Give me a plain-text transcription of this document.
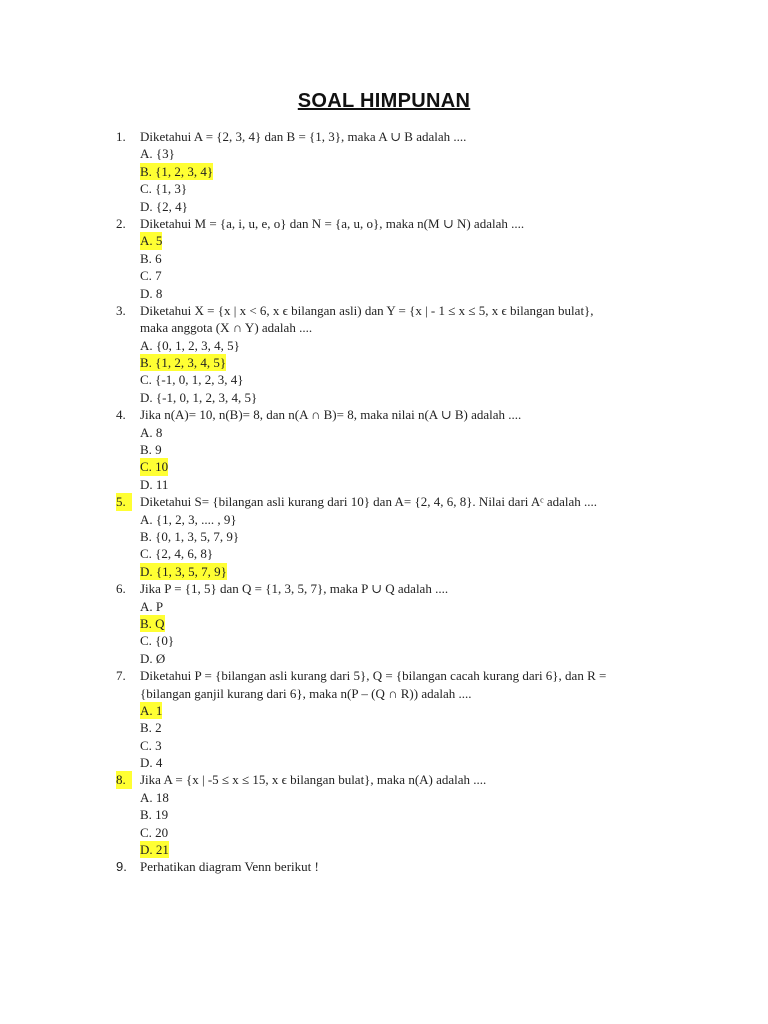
SOAL HIMPUNAN
1. Diketahui A = {2, 3, 4} dan B = {1, 3}, maka A ∪ B adalah ....
A. {3}
B. {1, 2, 3, 4}
C. {1, 3}
D. {2, 4}
2. Diketahui M = {a, i, u, e, o} dan N = {a, u, o}, maka n(M ∪ N) adalah ....
A. 5
B. 6
C. 7
D. 8
3. Diketahui X = {x | x < 6, x ϵ bilangan asli) dan Y = {x | - 1 ≤ x ≤ 5, x ϵ bilangan bulat},
maka anggota (X ∩ Y) adalah ....
A. {0, 1, 2, 3, 4, 5}
B. {1, 2, 3, 4, 5}
C. {-1, 0, 1, 2, 3, 4}
D. {-1, 0, 1, 2, 3, 4, 5}
4. Jika n(A)= 10, n(B)= 8, dan n(A ∩ B)= 8, maka nilai n(A ∪ B) adalah ....
A. 8
B. 9
C. 10
D. 11
5. Diketahui S= {bilangan asli kurang dari 10} dan A= {2, 4, 6, 8}. Nilai dari Aᶜ adalah ....
A. {1, 2, 3, .... , 9}
B. {0, 1, 3, 5, 7, 9}
C. {2, 4, 6, 8}
D. {1, 3, 5, 7, 9}
6. Jika P = {1, 5} dan Q = {1, 3, 5, 7}, maka P ∪ Q adalah ....
A. P
B. Q
C. {0}
D. Ø
7. Diketahui P = {bilangan asli kurang dari 5}, Q = {bilangan cacah kurang dari 6}, dan R =
{bilangan ganjil kurang dari 6}, maka n(P – (Q ∩ R)) adalah ....
A. 1
B. 2
C. 3
D. 4
8. Jika A = {x | -5 ≤ x ≤ 15, x ϵ bilangan bulat}, maka n(A) adalah ....
A. 18
B. 19
C. 20
D. 21
9. Perhatikan diagram Venn berikut !
